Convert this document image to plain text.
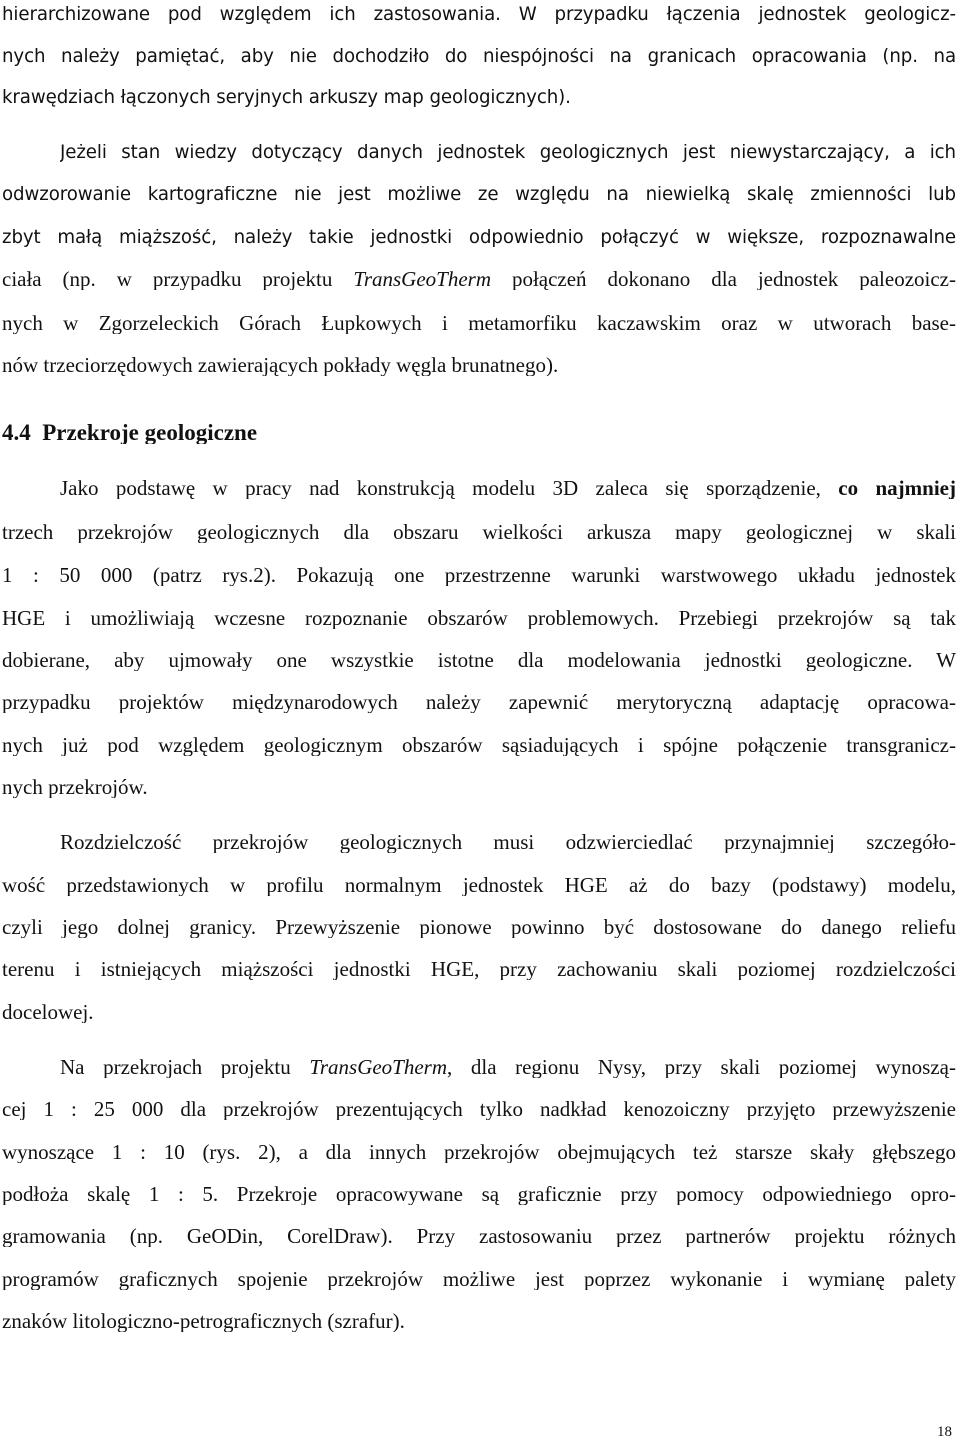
hierarchizowane pod względem ich zastosowania. W przypadku łączenia jednostek geologicz-
nych należy pamiętać, aby nie dochodziło do niespójności na granicach opracowania (np. na
krawędziach łączonych seryjnych arkuszy map geologicznych).
Jeżeli stan wiedzy dotyczący danych jednostek geologicznych jest niewystarczający, a ich
odwzorowanie kartograficzne nie jest możliwe ze względu na niewielką skalę zmienności lub
zbyt małą miąższość, należy takie jednostki odpowiednio połączyć w większe, rozpoznawalne
ciała (np. w przypadku projektu TransGeoTherm połączeń dokonano dla jednostek paleozoicz-
nych w Zgorzeleckich Górach Łupkowych i metamorfiku kaczawskim oraz w utworach base-
nów trzeciorzędowych zawierających pokłady węgla brunatnego).
4.4 Przekroje geologiczne
Jako podstawę w pracy nad konstrukcją modelu 3D zaleca się sporządzenie, co najmniej
trzech przekrojów geologicznych dla obszaru wielkości arkusza mapy geologicznej w skali
1 : 50 000 (patrz rys.2). Pokazują one przestrzenne warunki warstwowego układu jednostek
HGE i umożliwiają wczesne rozpoznanie obszarów problemowych. Przebiegi przekrojów są tak
dobierane, aby ujmowały one wszystkie istotne dla modelowania jednostki geologiczne. W
przypadku projektów międzynarodowych należy zapewnić merytoryczną adaptację opracowa-
nych już pod względem geologicznym obszarów sąsiadujących i spójne połączenie transgranicz-
nych przekrojów.
Rozdzielczość przekrojów geologicznych musi odzwierciedlać przynajmniej szczegóło-
wość przedstawionych w profilu normalnym jednostek HGE aż do bazy (podstawy) modelu,
czyli jego dolnej granicy. Przewyższenie pionowe powinno być dostosowane do danego reliefu
terenu i istniejących miąższości jednostki HGE, przy zachowaniu skali poziomej rozdzielczości
docelowej.
Na przekrojach projektu TransGeoTherm, dla regionu Nysy, przy skali poziomej wynoszą-
cej 1 : 25 000 dla przekrojów prezentujących tylko nadkład kenozoiczny przyjęto przewyższenie
wynoszące 1 : 10 (rys. 2), a dla innych przekrojów obejmujących też starsze skały głębszego
podłoża skalę 1 : 5. Przekroje opracowywane są graficznie przy pomocy odpowiedniego opro-
gramowania (np. GeODin, CorelDraw). Przy zastosowaniu przez partnerów projektu różnych
programów graficznych spojenie przekrojów możliwe jest poprzez wykonanie i wymianę palety
znaków litologiczno-petrograficznych (szrafur).
18
